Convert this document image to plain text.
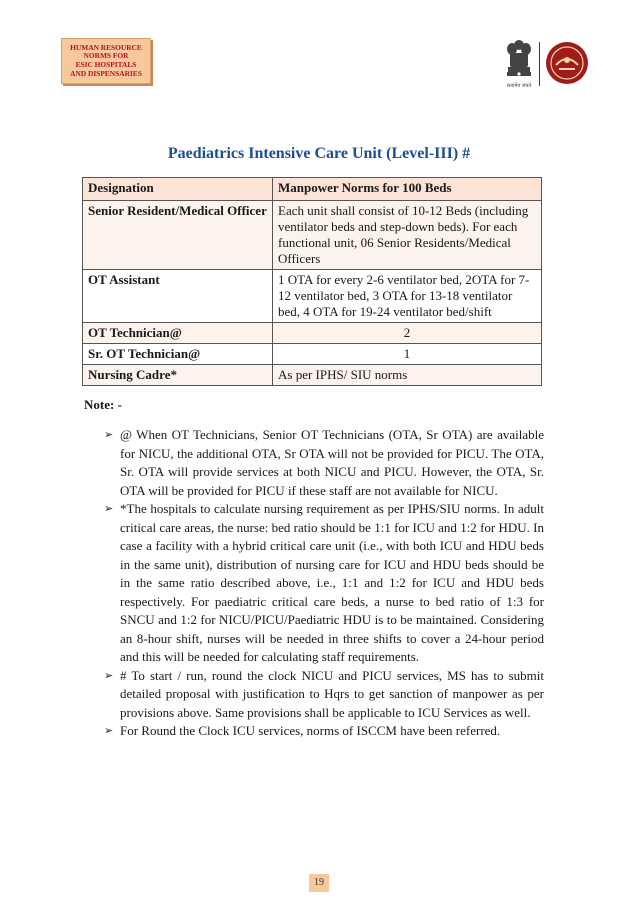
HUMAN RESOURCE
NORMS FOR
ESIC HOSPITALS
AND DISPENSARIES
सत्यमेव जयते
Paediatrics Intensive Care Unit (Level-III) #
Designation	Manpower Norms for 100 Beds
Senior Resident/Medical Officer	Each unit shall consist of 10-12 Beds (including ventilator beds and step-down beds). For each functional unit, 06 Senior Residents/Medical Officers
OT Assistant	1 OTA for every 2-6 ventilator bed, 2OTA for 7-12 ventilator bed, 3 OTA for 13-18 ventilator bed, 4 OTA for 19-24 ventilator bed/shift
OT Technician@	2
Sr. OT Technician@	1
Nursing Cadre*	As per IPHS/ SIU norms
Note: -
➢ @ When OT Technicians, Senior OT Technicians (OTA, Sr OTA) are available for NICU, the additional OTA, Sr OTA will not be provided for PICU. The OTA, Sr. OTA will provide services at both NICU and PICU. However, the OTA, Sr. OTA will be provided for PICU if these staff are not available for NICU.
➢ *The hospitals to calculate nursing requirement as per IPHS/SIU norms. In adult critical care areas, the nurse: bed ratio should be 1:1 for ICU and 1:2 for HDU. In case a facility with a hybrid critical care unit (i.e., with both ICU and HDU beds in the same unit), distribution of nursing care for ICU and HDU beds should be in the same ratio described above, i.e., 1:1 and 1:2 for ICU and HDU beds respectively. For paediatric critical care beds, a nurse to bed ratio of 1:3 for SNCU and 1:2 for NICU/PICU/Paediatric HDU is to be maintained. Considering an 8-hour shift, nurses will be needed in three shifts to cover a 24-hour period and this will be needed for calculating staff requirements.
➢ # To start / run, round the clock NICU and PICU services, MS has to submit detailed proposal with justification to Hqrs to get sanction of manpower as per provisions above. Same provisions shall be applicable to ICU Services as well.
➢ For Round the Clock ICU services, norms of ISCCM have been referred.
19
